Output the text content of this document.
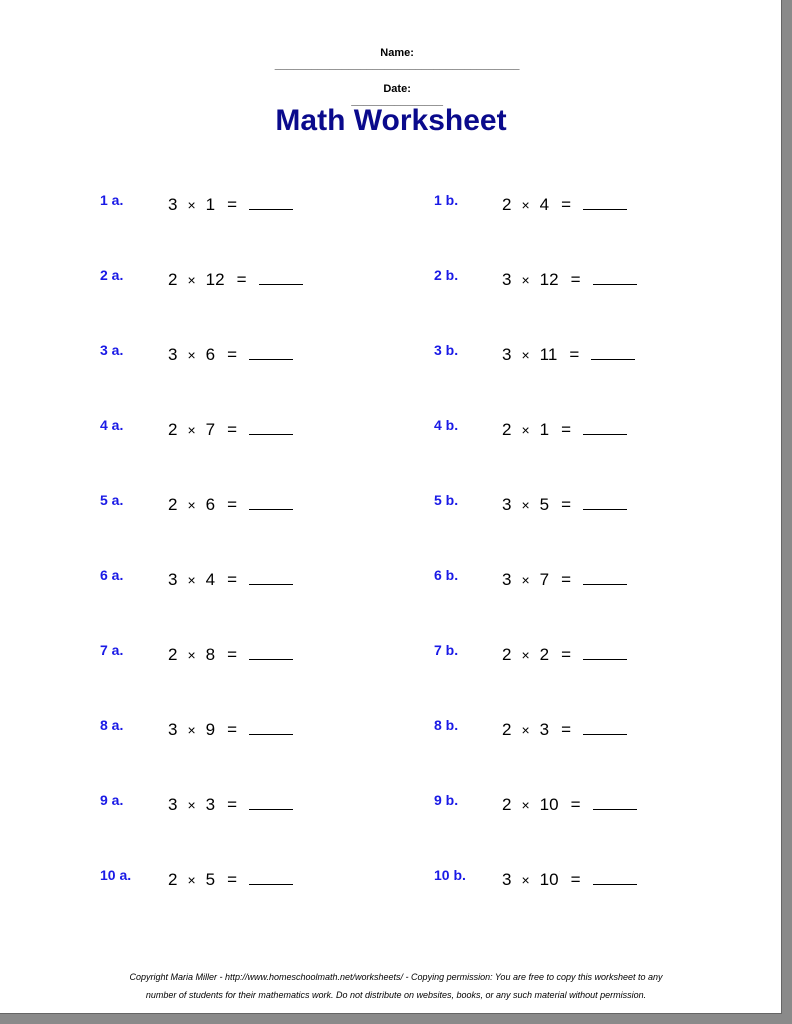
Name:
________________________________________

Date:
_______________

Math Worksheet
1 a.	3 × 1 =
2 a.	2 × 12 =
3 a.	3 × 6 =
4 a.	2 × 7 =
5 a.	2 × 6 =
6 a.	3 × 4 =
7 a.	2 × 8 =
8 a.	3 × 9 =
9 a.	3 × 3 =
10 a. 2 × 5 =
1 b.	2 × 4 =
2 b.	3 × 12 =
3 b.	3 × 11 =
4 b.	2 × 1 =
5 b.	3 × 5 =
6 b.	3 × 7 =
7 b.	2 × 2 =
8 b.	2 × 3 =
9 b.	2 × 10 =
10 b. 3 × 10 =
Copyright Maria Miller - http://www.homeschoolmath.net/worksheets/ - Copying permission: You are free to copy this worksheet to any
number of students for their mathematics work. Do not distribute on websites, books, or any such material without permission.
